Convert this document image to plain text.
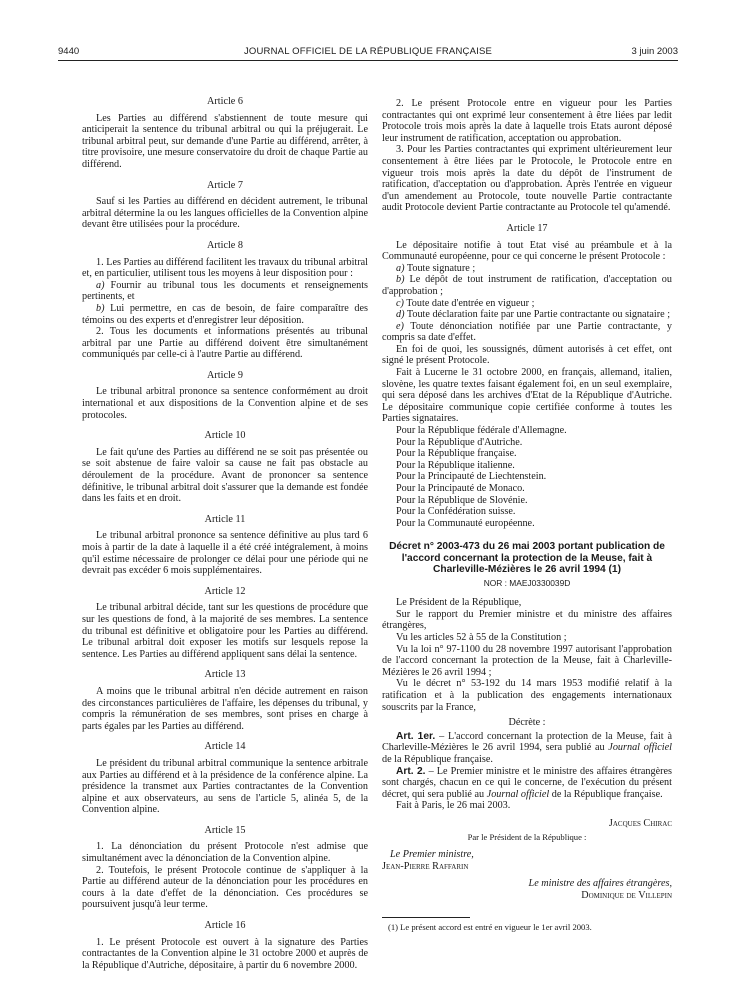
9440	JOURNAL OFFICIEL DE LA RÉPUBLIQUE FRANÇAISE	3 juin 2003
Article 6

Les Parties au différend s'abstiennent de toute mesure qui anticiperait la sentence du tribunal arbitral ou qui la préjugerait. Le tribunal arbitral peut, sur demande d'une Partie au différend, arrêter, à titre provisoire, une mesure conservatoire du droit de chaque Partie au différend.

Article 7

Sauf si les Parties au différend en décident autrement, le tribunal arbitral détermine la ou les langues officielles de la Convention alpine devant être utilisées pour la procédure.

Article 8

1. Les Parties au différend facilitent les travaux du tribunal arbitral et, en particulier, utilisent tous les moyens à leur disposition pour :

a) Fournir au tribunal tous les documents et renseignements pertinents, et

b) Lui permettre, en cas de besoin, de faire comparaître des témoins ou des experts et d'enregistrer leur déposition.

2. Tous les documents et informations présentés au tribunal arbitral par une Partie au différend doivent être simultanément communiqués par celle-ci à l'autre Partie au différend.

Article 9

Le tribunal arbitral prononce sa sentence conformément au droit international et aux dispositions de la Convention alpine et de ses protocoles.

Article 10

Le fait qu'une des Parties au différend ne se soit pas présentée ou se soit abstenue de faire valoir sa cause ne fait pas obstacle au déroulement de la procédure. Avant de prononcer sa sentence définitive, le tribunal arbitral doit s'assurer que la demande est fondée dans les faits et en droit.

Article 11

Le tribunal arbitral prononce sa sentence définitive au plus tard 6 mois à partir de la date à laquelle il a été créé intégralement, à moins qu'il estime nécessaire de prolonger ce délai pour une période qui ne devrait pas excéder 6 mois supplémentaires.

Article 12

Le tribunal arbitral décide, tant sur les questions de procédure que sur les questions de fond, à la majorité de ses membres. La sentence du tribunal est définitive et obligatoire pour les Parties au différend. Le tribunal arbitral doit exposer les motifs sur lesquels repose la sentence. Les Parties au différend appliquent sans délai la sentence.

Article 13

A moins que le tribunal arbitral n'en décide autrement en raison des circonstances particulières de l'affaire, les dépenses du tribunal, y compris la rémunération de ses membres, sont prises en charge à parts égales par les Parties au différend.

Article 14

Le président du tribunal arbitral communique la sentence arbitrale aux Parties au différend et à la présidence de la conférence alpine. La présidence la transmet aux Parties contractantes de la Convention alpine et aux observateurs, au sens de l'article 5, alinéa 5, de la Convention alpine.

Article 15

1. La dénonciation du présent Protocole n'est admise que simultanément avec la dénonciation de la Convention alpine.

2. Toutefois, le présent Protocole continue de s'appliquer à la Partie au différend auteur de la dénonciation pour les procédures en cours à la date d'effet de la dénonciation. Ces procédures se poursuivent jusqu'à leur terme.

Article 16

1. Le présent Protocole est ouvert à la signature des Parties contractantes de la Convention alpine le 31 octobre 2000 et auprès de la République d'Autriche, dépositaire, à partir du 6 novembre 2000.

2. Le présent Protocole entre en vigueur pour les Parties contractantes qui ont exprimé leur consentement à être liées par ledit Protocole trois mois après la date à laquelle trois Etats auront déposé leur instrument de ratification, acceptation ou approbation.

3. Pour les Parties contractantes qui expriment ultérieurement leur consentement à être liées par le Protocole, le Protocole entre en vigueur trois mois après la date du dépôt de l'instrument de ratification, d'acceptation ou d'approbation. Après l'entrée en vigueur d'un amendement au Protocole, toute nouvelle Partie contractante audit Protocole devient Partie contractante au Protocole tel qu'amendé.

Article 17

Le dépositaire notifie à tout Etat visé au préambule et à la Communauté européenne, pour ce qui concerne le présent Protocole :

a) Toute signature ;

b) Le dépôt de tout instrument de ratification, d'acceptation ou d'approbation ;

c) Toute date d'entrée en vigueur ;

d) Toute déclaration faite par une Partie contractante ou signataire ;

e) Toute dénonciation notifiée par une Partie contractante, y compris sa date d'effet.

En foi de quoi, les soussignés, dûment autorisés à cet effet, ont signé le présent Protocole.

Fait à Lucerne le 31 octobre 2000, en français, allemand, italien, slovène, les quatre textes faisant également foi, en un seul exemplaire, qui sera déposé dans les archives d'Etat de la République d'Autriche. Le dépositaire communique copie certifiée conforme à toutes les Parties signataires.

Pour la République fédérale d'Allemagne.

Pour la République d'Autriche.

Pour la République française.

Pour la République italienne.

Pour la Principauté de Liechtenstein.

Pour la Principauté de Monaco.

Pour la République de Slovénie.

Pour la Confédération suisse.

Pour la Communauté européenne.

Décret n° 2003-473 du 26 mai 2003 portant publication de l'accord concernant la protection de la Meuse, fait à Charleville-Mézières le 26 avril 1994 (1)
NOR : MAEJ0330039D

Le Président de la République,

Sur le rapport du Premier ministre et du ministre des affaires étrangères,

Vu les articles 52 à 55 de la Constitution ;

Vu la loi n° 97-1100 du 28 novembre 1997 autorisant l'approbation de l'accord concernant la protection de la Meuse, fait à Charleville-Mézières le 26 avril 1994 ;

Vu le décret n° 53-192 du 14 mars 1953 modifié relatif à la ratification et à la publication des engagements internationaux souscrits par la France,

Décrète :

Art. 1er. – L'accord concernant la protection de la Meuse, fait à Charleville-Mézières le 26 avril 1994, sera publié au Journal officiel de la République française.

Art. 2. – Le Premier ministre et le ministre des affaires étrangères sont chargés, chacun en ce qui le concerne, de l'exécution du présent décret, qui sera publié au Journal officiel de la République française.

Fait à Paris, le 26 mai 2003.

Jacques Chirac
Par le Président de la République :
Le Premier ministre,
Jean-Pierre Raffarin
Le ministre des affaires étrangères,
Dominique de Villepin
(1) Le présent accord est entré en vigueur le 1er avril 2003.
